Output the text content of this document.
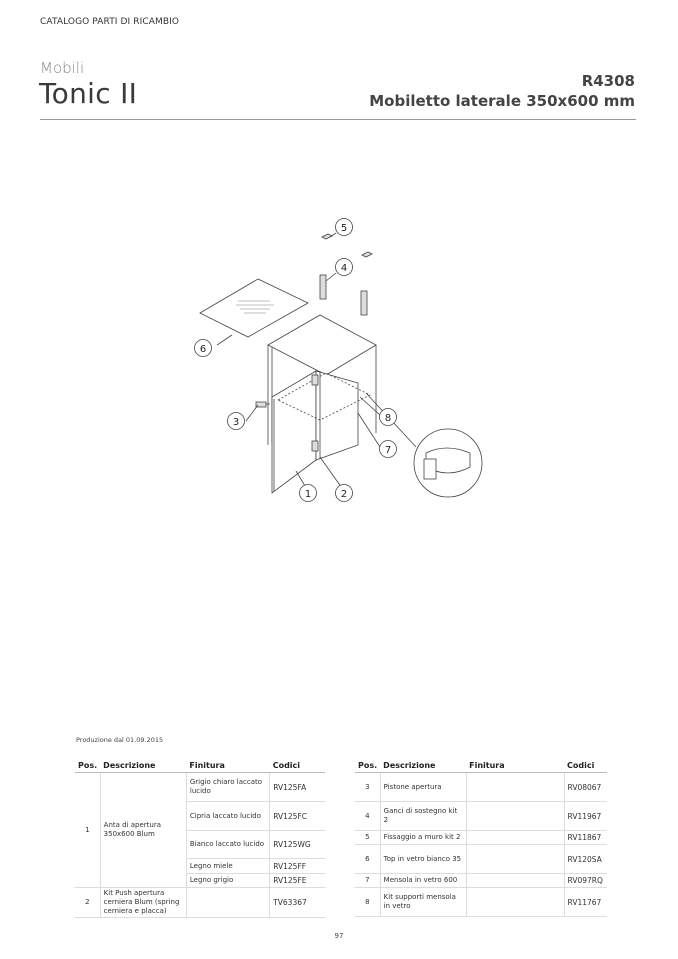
CATALOGO PARTI DI RICAMBIO
Mobili
Tonic II	R4308
Mobiletto laterale 350x600 mm
5
4
6
3	8
7
1	2
Produzione dal 01.09.2015
Pos.	Descrizione	Finitura	Codici
1	Anta di apertura 350x600 Blum	Grigio chiaro laccato lucido	RV125FA
		Cipria laccato lucido	RV125FC
		Bianco laccato lucido	RV125WG
		Legno miele	RV125FF
		Legno grigio	RV125FE
2	Kit Push apertura cerniera Blum (spring cerniera e placca)		TV63367
Pos.	Descrizione	Finitura	Codici
3	Pistone apertura		RV08067
4	Ganci di sostegno kit 2		RV11967
5	Fissaggio a muro kit 2		RV11867
6	Top in vetro bianco 35		RV120SA
7	Mensola in vetro 600		RV097RQ
8	Kit supporti mensola in vetro		RV11767
97
